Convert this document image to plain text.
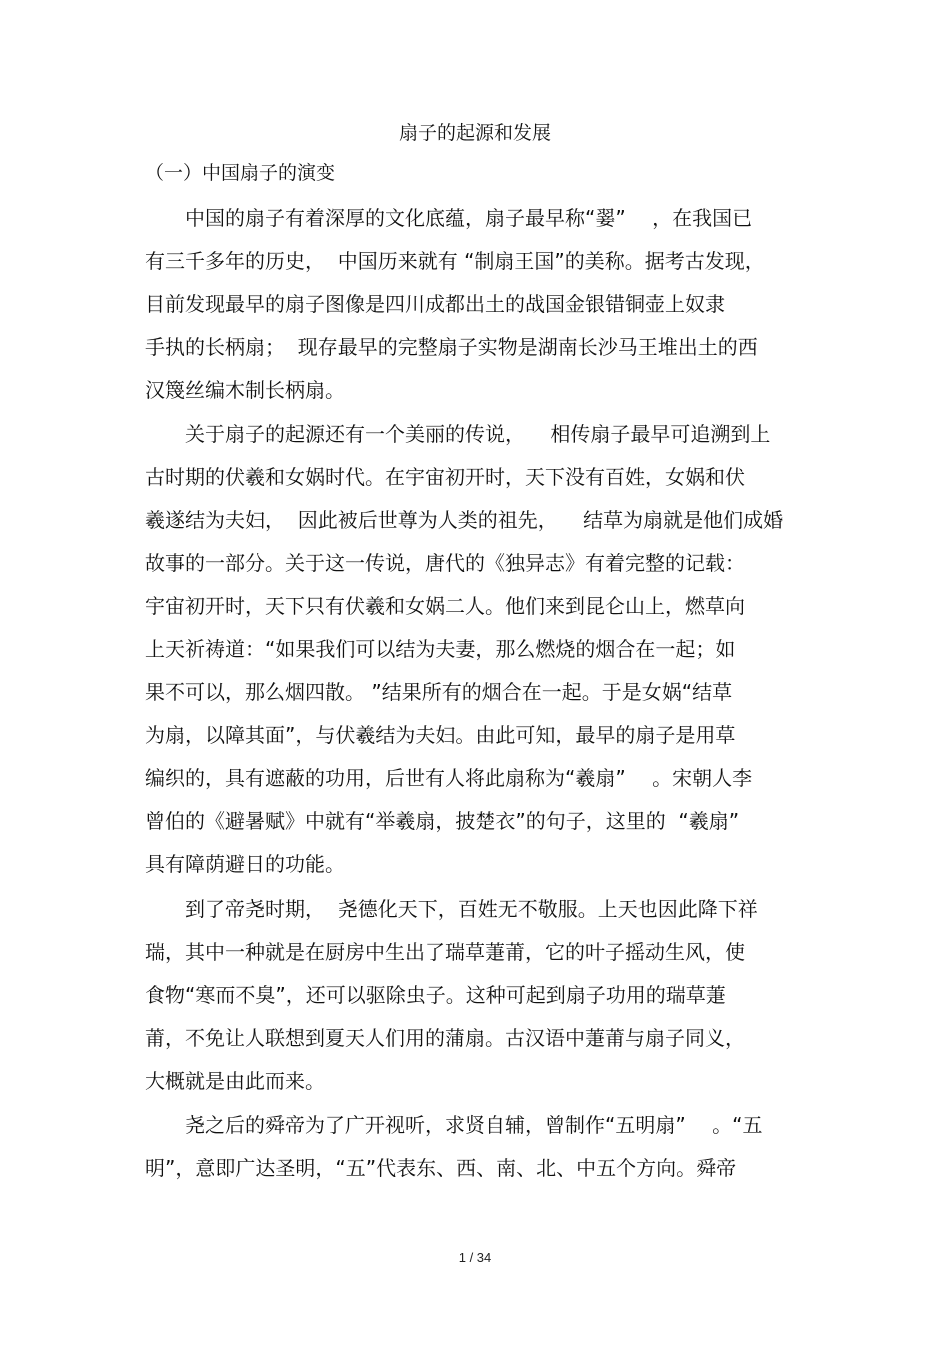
扇子的起源和发展
（一）中国扇子的演变
中国的扇子有着深厚的文化底蕴，扇子最早称“翣”　 ，在我国已
有三千多年的历史，  中国历来就有 “制扇王国”的美称。据考古发现，
目前发现最早的扇子图像是四川成都出土的战国金银错铜壶上奴隶
手执的长柄扇；  现存最早的完整扇子实物是湖南长沙马王堆出土的西
汉篾丝编木制长柄扇。
关于扇子的起源还有一个美丽的传说，    相传扇子最早可追溯到上
古时期的伏羲和女娲时代。在宇宙初开时，天下没有百姓，女娲和伏
羲遂结为夫妇，  因此被后世尊为人类的祖先，    结草为扇就是他们成婚
故事的一部分。关于这一传说，唐代的《独异志》有着完整的记载：
宇宙初开时，天下只有伏羲和女娲二人。他们来到昆仑山上，燃草向
上天祈祷道：“如果我们可以结为夫妻，那么燃烧的烟合在一起；如
果不可以，那么烟四散。 ”结果所有的烟合在一起。于是女娲“结草
为扇，以障其面”，与伏羲结为夫妇。由此可知，最早的扇子是用草
编织的，具有遮蔽的功用，后世有人将此扇称为“羲扇”　 。宋朝人李
曾伯的《避暑赋》中就有“举羲扇，披楚衣”的句子，这里的  “羲扇”
具有障荫避日的功能。
到了帝尧时期，  尧德化天下，百姓无不敬服。上天也因此降下祥
瑞，其中一种就是在厨房中生出了瑞草萐莆，它的叶子摇动生风，使
食物“寒而不臭”，还可以驱除虫子。这种可起到扇子功用的瑞草萐
莆，不免让人联想到夏天人们用的蒲扇。古汉语中萐莆与扇子同义，
大概就是由此而来。
尧之后的舜帝为了广开视听，求贤自辅，曾制作“五明扇”　 。“五
明”，意即广达圣明，“五”代表东、西、南、北、中五个方向。舜帝
1 / 34
